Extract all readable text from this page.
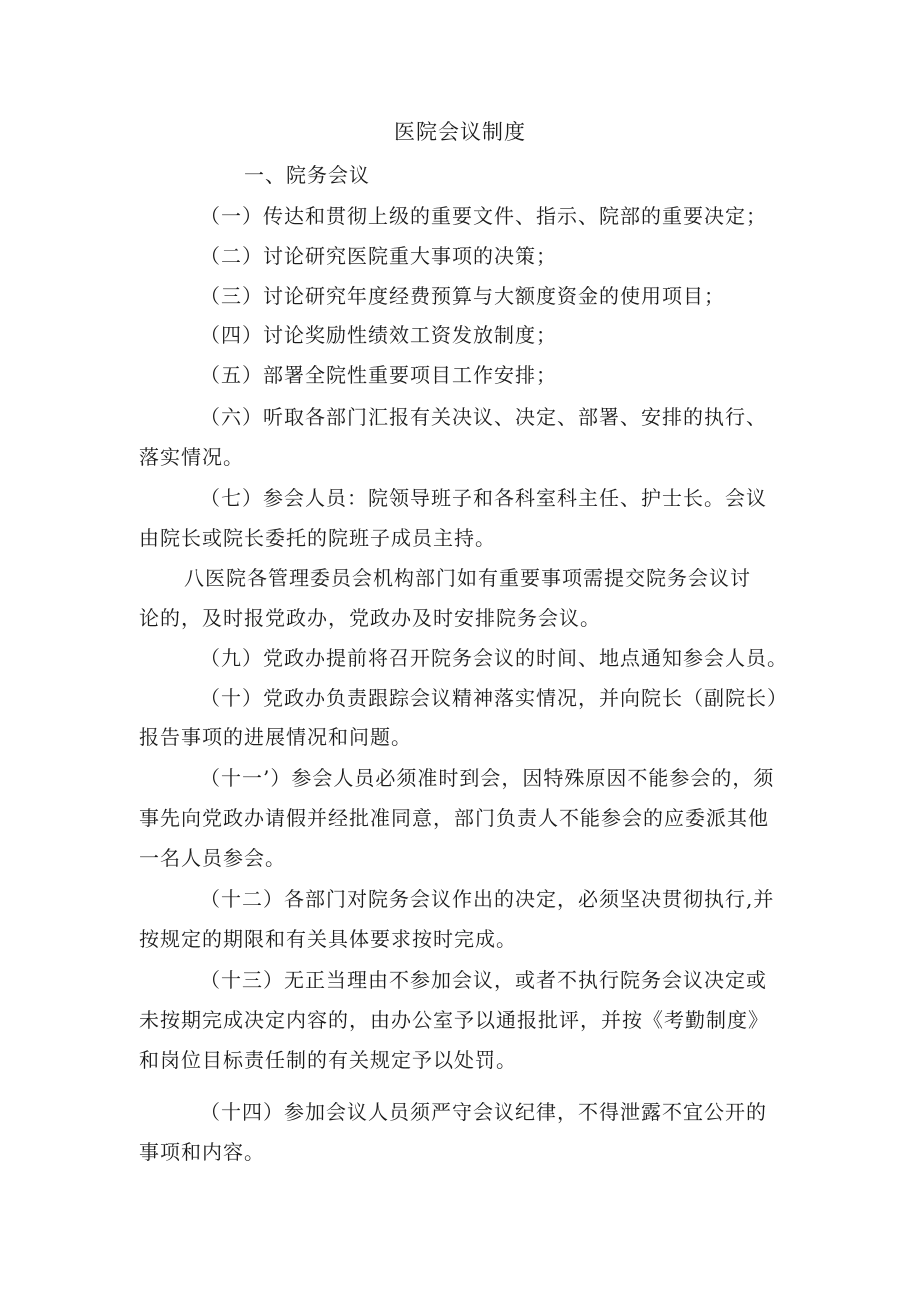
医院会议制度
一、院务会议
（一）传达和贯彻上级的重要文件、指示、院部的重要决定；
（二）讨论研究医院重大事项的决策；
（三）讨论研究年度经费预算与大额度资金的使用项目；
（四）讨论奖励性绩效工资发放制度；
（五）部署全院性重要项目工作安排；
（六）听取各部门汇报有关决议、决定、部署、安排的执行、
落实情况。
（七）参会人员：院领导班子和各科室科主任、护士长。会议
由院长或院长委托的院班子成员主持。
八医院各管理委员会机构部门如有重要事项需提交院务会议讨
论的，及时报党政办，党政办及时安排院务会议。
（九）党政办提前将召开院务会议的时间、地点通知参会人员。
（十）党政办负责跟踪会议精神落实情况，并向院长（副院长）
报告事项的进展情况和问题。
（十一’）参会人员必须准时到会，因特殊原因不能参会的，须
事先向党政办请假并经批准同意，部门负责人不能参会的应委派其他
一名人员参会。
（十二）各部门对院务会议作出的决定，必须坚决贯彻执行,并
按规定的期限和有关具体要求按时完成。
（十三）无正当理由不参加会议，或者不执行院务会议决定或
未按期完成决定内容的，由办公室予以通报批评，并按《考勤制度》
和岗位目标责任制的有关规定予以处罚。
（十四）参加会议人员须严守会议纪律，不得泄露不宜公开的
事项和内容。
